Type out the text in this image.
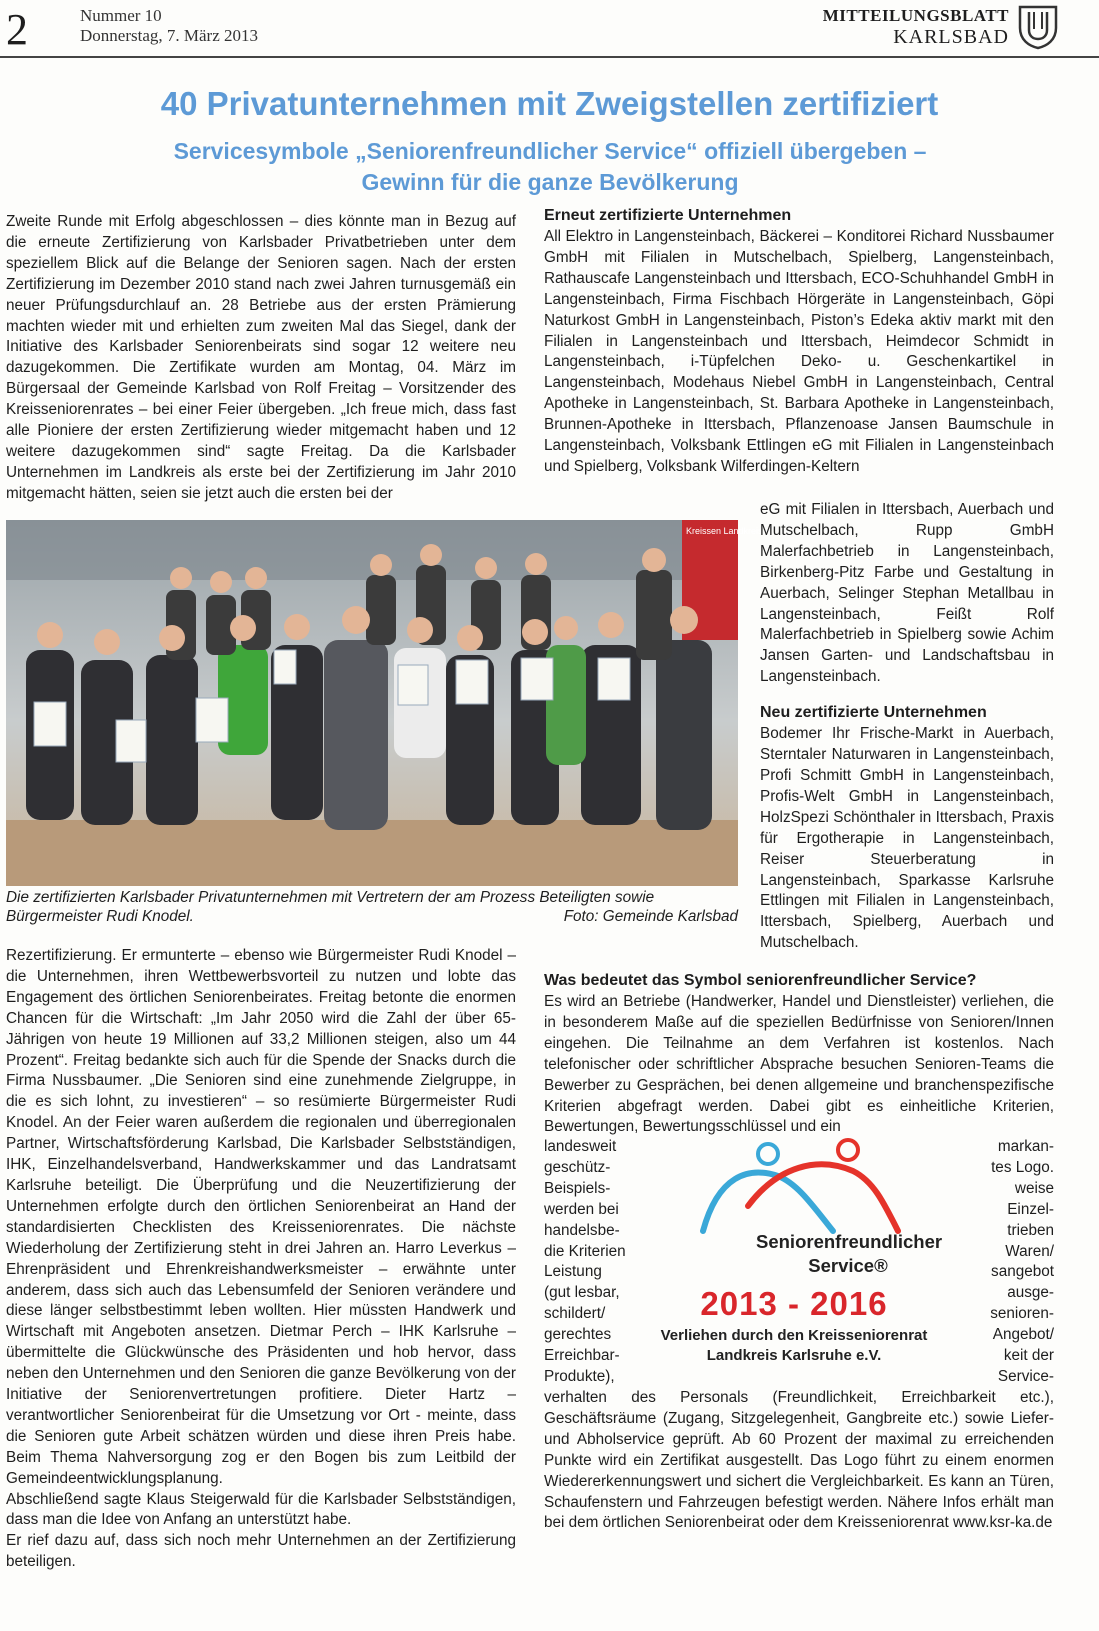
2	Nummer 10
Donnerstag, 7. März 2013
MITTEILUNGSBLATT
KARLSBAD
40 Privatunternehmen mit Zweigstellen zertifiziert
Servicesymbole „Seniorenfreundlicher Service“ offiziell übergeben –
Gewinn für die ganze Bevölkerung

Zweite Runde mit Erfolg abgeschlossen – dies könnte man in Bezug auf die erneute Zertifizierung von Karlsbader Privatbetrieben unter dem speziellem Blick auf die Belange der Senioren sagen. Nach der ersten Zertifizierung im Dezember 2010 stand nach zwei Jahren turnusgemäß ein neuer Prüfungsdurchlauf an. 28 Betriebe aus der ersten Prämierung machten wieder mit und erhielten zum zweiten Mal das Siegel, dank der Initiative des Karlsbader Seniorenbeirats sind sogar 12 weitere neu dazugekommen. Die Zertifikate wurden am Montag, 04. März im Bürgersaal der Gemeinde Karlsbad von Rolf Freitag – Vorsitzender des Kreisseniorenrates – bei einer Feier übergeben. „Ich freue mich, dass fast alle Pioniere der ersten Zertifizierung wieder mitgemacht haben und 12 weitere dazugekommen sind“ sagte Freitag. Da die Karlsbader Unternehmen im Landkreis als erste bei der Zertifizierung im Jahr 2010 mitgemacht hätten, seien sie jetzt auch die ersten bei der

Kreissen Landkreis K
Die zertifizierten Karlsbader Privatunternehmen mit Vertretern der am Prozess Beteiligten sowie Bürgermeister Rudi Knodel.	Foto: Gemeinde Karlsbad

Rezertifizierung. Er ermunterte – ebenso wie Bürgermeister Rudi Knodel – die Unternehmen, ihren Wettbewerbsvorteil zu nutzen und lobte das Engagement des örtlichen Seniorenbeirates. Freitag betonte die enormen Chancen für die Wirtschaft: „Im Jahr 2050 wird die Zahl der über 65-Jährigen von heute 19 Millionen auf 33,2 Millionen steigen, also um 44 Prozent“. Freitag bedankte sich auch für die Spende der Snacks durch die Firma Nussbaumer. „Die Senioren sind eine zunehmende Zielgruppe, in die es sich lohnt, zu investieren“ – so resümierte Bürgermeister Rudi Knodel. An der Feier waren außerdem die regionalen und überregionalen Partner, Wirtschaftsförderung Karlsbad, Die Karlsbader Selbstständigen, IHK, Einzelhandelsverband, Handwerkskammer und das Landratsamt Karlsruhe beteiligt. Die Überprüfung und die Neuzertifizierung der Unternehmen erfolgte durch den örtlichen Seniorenbeirat an Hand der standardisierten Checklisten des Kreisseniorenrates. Die nächste Wiederholung der Zertifizierung steht in drei Jahren an. Harro Leverkus – Ehrenpräsident und Ehrenkreishandwerksmeister – erwähnte unter anderem, dass sich auch das Lebensumfeld der Senioren verändere und diese länger selbstbestimmt leben wollten. Hier müssten Handwerk und Wirtschaft mit Angeboten ansetzen. Dietmar Perch – IHK Karlsruhe – übermittelte die Glückwünsche des Präsidenten und hob hervor, dass neben den Unternehmen und den Senioren die ganze Bevölkerung von der Initiative der Seniorenvertretungen profitiere. Dieter Hartz – verantwortlicher Seniorenbeirat für die Umsetzung vor Ort - meinte, dass die Senioren gute Arbeit schätzen würden und diese ihren Preis habe. Beim Thema Nahversorgung zog er den Bogen bis zum Leitbild der Gemeindeentwicklungsplanung.

Abschließend sagte Klaus Steigerwald für die Karlsbader Selbstständigen, dass man die Idee von Anfang an unterstützt habe.

Er rief dazu auf, dass sich noch mehr Unternehmen an der Zertifizierung beteiligen.

Erneut zertifizierte Unternehmen

All Elektro in Langensteinbach, Bäckerei – Konditorei Richard Nussbaumer GmbH mit Filialen in Mutschelbach, Spielberg, Langensteinbach, Rathauscafe Langensteinbach und Ittersbach, ECO-Schuhhandel GmbH in Langensteinbach, Firma Fischbach Hörgeräte in Langensteinbach, Göpi Naturkost GmbH in Langensteinbach, Piston’s Edeka aktiv markt mit den Filialen in Langensteinbach und Ittersbach, Heimdecor Schmidt in Langensteinbach, i-Tüpfelchen Deko- u. Geschenkartikel in Langensteinbach, Modehaus Niebel GmbH in Langensteinbach, Central Apotheke in Langensteinbach, St. Barbara Apotheke in Langensteinbach, Brunnen-Apotheke in Ittersbach, Pflanzenoase Jansen Baumschule in Langensteinbach, Volksbank Ettlingen eG mit Filialen in Langensteinbach und Spielberg, Volksbank Wilferdingen-Keltern

eG mit Filialen in Ittersbach, Auerbach und Mutschelbach, Rupp GmbH Malerfachbetrieb in Langensteinbach, Birkenberg-Pitz Farbe und Gestaltung in Auerbach, Selinger Stephan Metallbau in Langensteinbach, Feißt Rolf Malerfachbetrieb in Spielberg sowie Achim Jansen Garten- und Landschaftsbau in Langensteinbach.

Neu zertifizierte Unternehmen

Bodemer Ihr Frische-Markt in Auerbach, Sterntaler Naturwaren in Langensteinbach, Profi Schmitt GmbH in Langensteinbach, Profis-Welt GmbH in Langensteinbach, HolzSpezi Schönthaler in Ittersbach, Praxis für Ergotherapie in Langensteinbach, Reiser Steuerberatung in Langensteinbach, Sparkasse Karlsruhe Ettlingen mit Filialen in Langensteinbach, Ittersbach, Spielberg, Auerbach und Mutschelbach.

Was bedeutet das Symbol seniorenfreundlicher Service?

Es wird an Betriebe (Handwerker, Handel und Dienstleister) verliehen, die in besonderem Maße auf die speziellen Bedürfnisse von Senioren/Innen eingehen. Die Teilnahme an dem Verfahren ist kostenlos. Nach telefonischer oder schriftlicher Absprache besuchen Senioren-Teams die Bewerber zu Gesprächen, bei denen allgemeine und branchenspezifische Kriterien abgefragt werden. Dabei gibt es einheitliche Kriterien, Bewertungen, Bewertungsschlüssel und ein

landesweit
geschütz-
Beispiels-
werden bei
handelsbe-
die Kriterien
Leistung
(gut lesbar,
schildert/
gerechtes
Erreichbar-
Produkte),
Seniorenfreundlicher
Service®
2013 - 2016
Verliehen durch den Kreisseniorenrat
Landkreis Karlsruhe e.V.
markan-
tes Logo.
weise
Einzel-
trieben
Waren/
sangebot
ausge-
senioren-
Angebot/
keit der
Service-

verhalten des Personals (Freundlichkeit, Erreichbarkeit etc.), Geschäftsräume (Zugang, Sitzgelegenheit, Gangbreite etc.) sowie Liefer- und Abholservice geprüft. Ab 60 Prozent der maximal zu erreichenden Punkte wird ein Zertifikat ausgestellt. Das Logo führt zu einem enormen Wiedererkennungswert und sichert die Vergleichbarkeit. Es kann an Türen, Schaufenstern und Fahrzeugen befestigt werden. Nähere Infos erhält man bei dem örtlichen Seniorenbeirat oder dem Kreisseniorenrat www.ksr-ka.de
